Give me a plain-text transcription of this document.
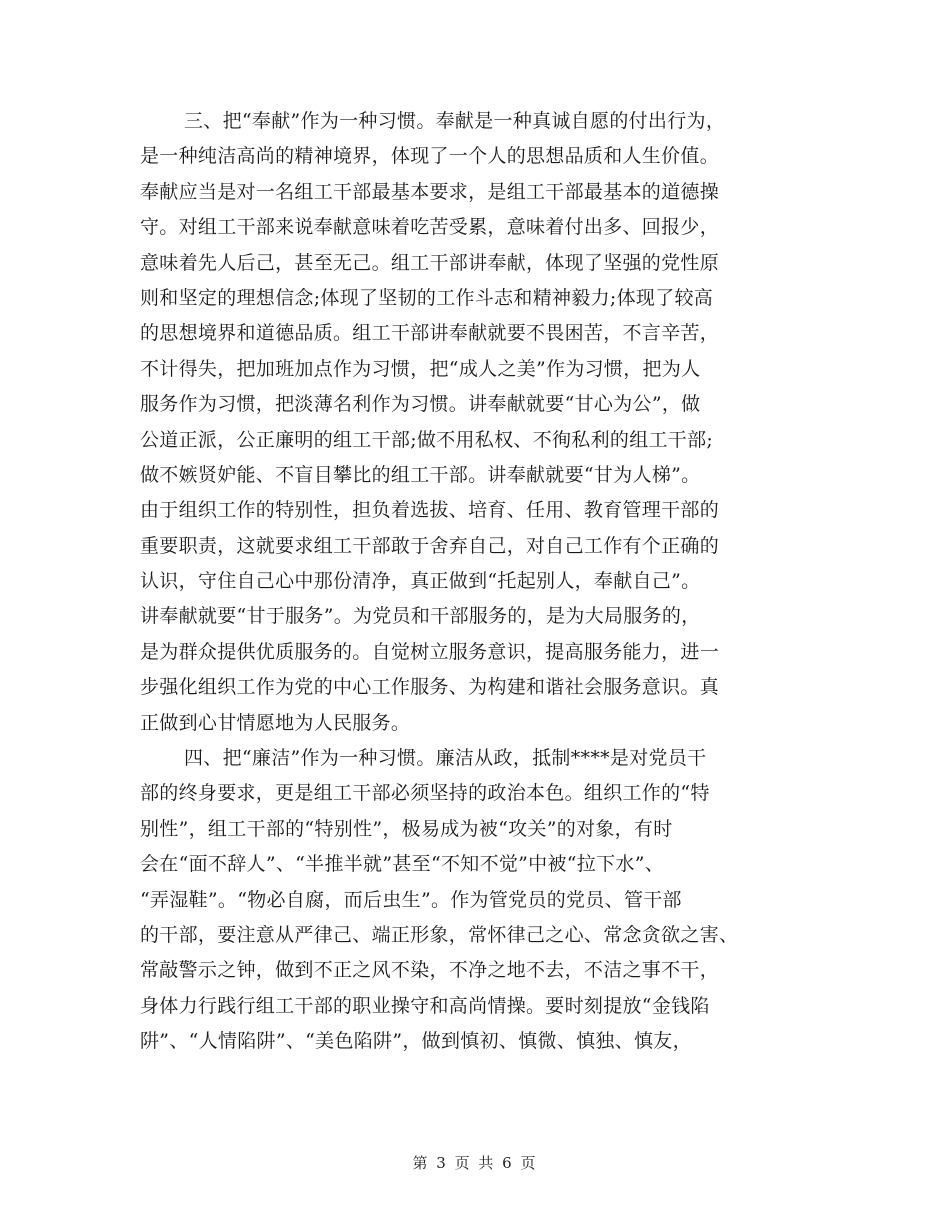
三、把“奉献”作为一种习惯。奉献是一种真诚自愿的付出行为，
是一种纯洁高尚的精神境界，体现了一个人的思想品质和人生价值。
奉献应当是对一名组工干部最基本要求，是组工干部最基本的道德操
守。对组工干部来说奉献意味着吃苦受累，意味着付出多、回报少，
意味着先人后己，甚至无己。组工干部讲奉献，体现了坚强的党性原
则和坚定的理想信念;体现了坚韧的工作斗志和精神毅力;体现了较高
的思想境界和道德品质。组工干部讲奉献就要不畏困苦，不言辛苦，
不计得失，把加班加点作为习惯，把“成人之美”作为习惯，把为人
服务作为习惯，把淡薄名利作为习惯。讲奉献就要“甘心为公”，做
公道正派，公正廉明的组工干部;做不用私权、不徇私利的组工干部;
做不嫉贤妒能、不盲目攀比的组工干部。讲奉献就要“甘为人梯”。
由于组织工作的特别性，担负着选拔、培育、任用、教育管理干部的
重要职责，这就要求组工干部敢于舍弃自己，对自己工作有个正确的
认识，守住自己心中那份清净，真正做到“托起别人，奉献自己”。
讲奉献就要“甘于服务”。为党员和干部服务的，是为大局服务的，
是为群众提供优质服务的。自觉树立服务意识，提高服务能力，进一
步强化组织工作为党的中心工作服务、为构建和谐社会服务意识。真
正做到心甘情愿地为人民服务。
四、把“廉洁”作为一种习惯。廉洁从政，抵制****是对党员干
部的终身要求，更是组工干部必须坚持的政治本色。组织工作的“特
别性”，组工干部的“特别性”，极易成为被“攻关”的对象，有时
会在“面不辞人”、“半推半就”甚至“不知不觉”中被“拉下水”、
“弄湿鞋”。“物必自腐，而后虫生”。作为管党员的党员、管干部
的干部，要注意从严律己、端正形象，常怀律己之心、常念贪欲之害、
常敲警示之钟，做到不正之风不染，不净之地不去，不洁之事不干，
身体力行践行组工干部的职业操守和高尚情操。要时刻提放“金钱陷
阱”、“人情陷阱”、“美色陷阱”，做到慎初、慎微、慎独、慎友，
第 3 页 共 6 页
